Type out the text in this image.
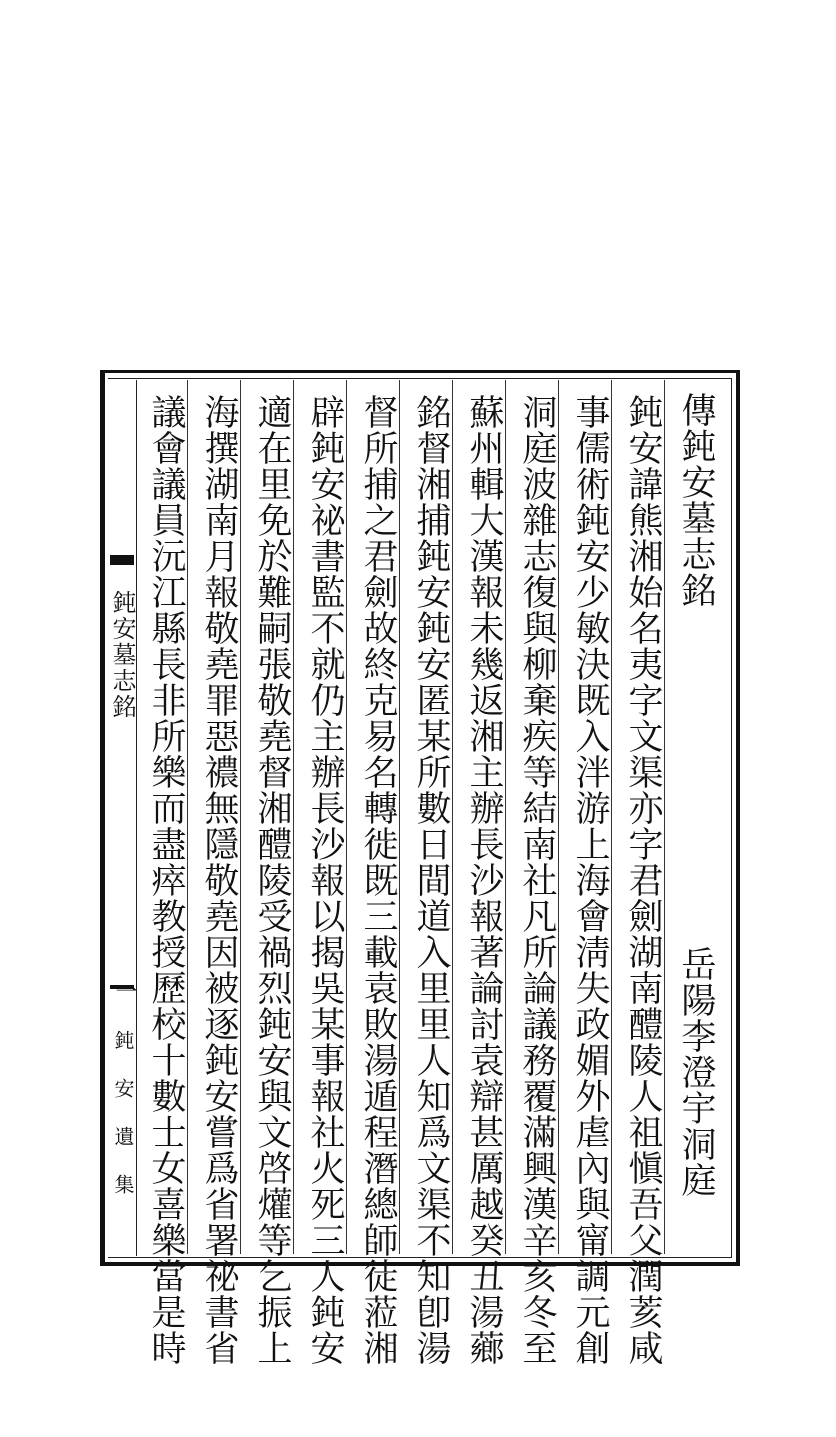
鈍安墓志銘
一
鈍安遺集
傳鈍安墓志銘
岳陽李澄宇洞庭
鈍安諱熊湘始名夷字文渠亦字君劍湖南醴陵人祖愼吾父潤荄咸
事儒術鈍安少敏決既入泮游上海會淸失政媚外虐內與甯調元創
洞庭波雜志復與柳棄疾等結南社凡所論議務覆滿興漢辛亥冬至
蘇州輯大漢報未幾返湘主辦長沙報著論討袁辯甚厲越癸丑湯薌
銘督湘捕鈍安鈍安匿某所數日間道入里里人知爲文渠不知卽湯
督所捕之君劍故終克易名轉徙既三載袁敗湯遁程潛總師徒蒞湘
辟鈍安祕書監不就仍主辦長沙報以揭吳某事報社火死三人鈍安
適在里免於難嗣張敬堯督湘醴陵受禍烈鈍安與文啓爟等乞振上
海撰湖南月報敬堯罪惡禯無隱敬堯因被逐鈍安嘗爲省署祕書省
議會議員沅江縣長非所樂而盡瘁教授歷校十數士女喜樂當是時
